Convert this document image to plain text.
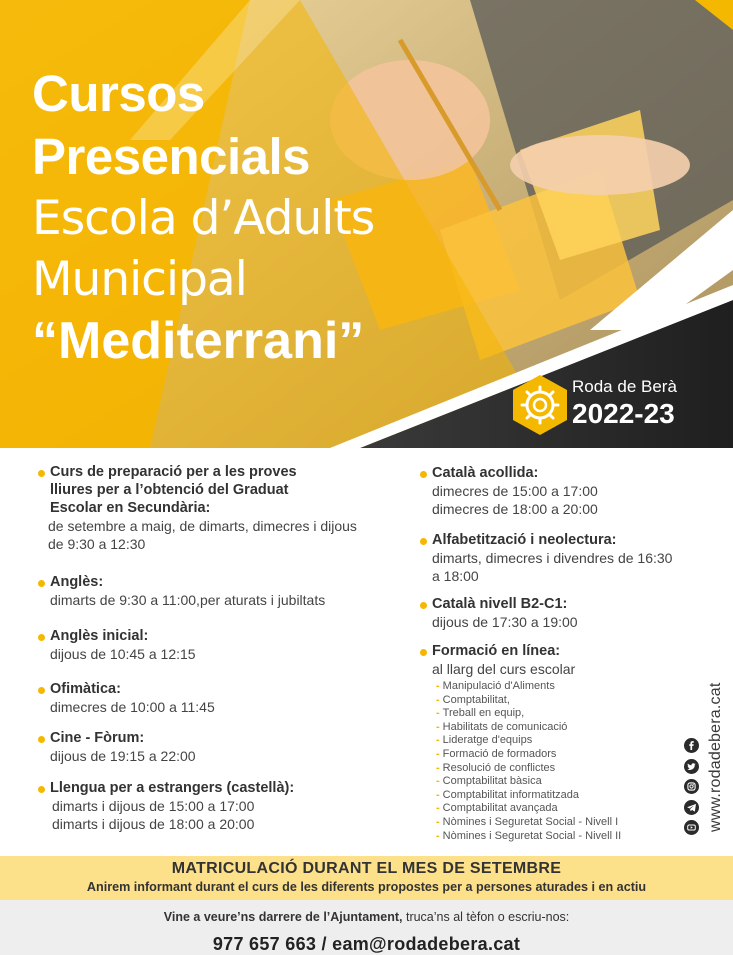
Cursos
Presencials
Escola d’Adults
Municipal
“Mediterrani”
Roda de Berà
2022-23
Curs de preparació per a les proves lliures per a l’obtenció del Graduat Escolar en Secundària:
de setembre a maig, de dimarts, dimecres i dijous de 9:30 a 12:30
Anglès:
dimarts de 9:30 a 11:00,per aturats i jubiltats
Anglès inicial:
dijous de 10:45 a 12:15
Ofimàtica:
dimecres de 10:00 a 11:45
Cine - Fòrum:
dijous de 19:15 a 22:00
Llengua per a estrangers (castellà):
dimarts i dijous de 15:00 a 17:00
dimarts i dijous de 18:00 a 20:00
Català acollida:
dimecres de 15:00 a 17:00
dimecres de 18:00 a 20:00
Alfabetització i neolectura:
dimarts, dimecres i divendres de 16:30 a 18:00
Català nivell B2-C1:
dijous de 17:30 a 19:00
Formació en línea:
al llarg del curs escolar
- Manipulació d'Aliments
- Comptabilitat,
- Treball en equip,
- Habilitats de comunicació
- Lideratge d'equips
- Formació de formadors
- Resolució de conflictes
- Comptabilitat bàsica
- Comptabilitat informatitzada
- Comptabilitat avançada
- Nòmines i Seguretat Social - Nivell I
- Nòmines i Seguretat Social - Nivell II
www.rodadebera.cat
MATRICULACIÓ DURANT EL MES DE SETEMBRE
Anirem informant durant el curs de les diferents propostes per a persones aturades i en actiu
Vine a veure’ns darrere de l’Ajuntament, truca’ns al tèfon o escriu-nos:
977 657 663 / eam@rodadebera.cat
